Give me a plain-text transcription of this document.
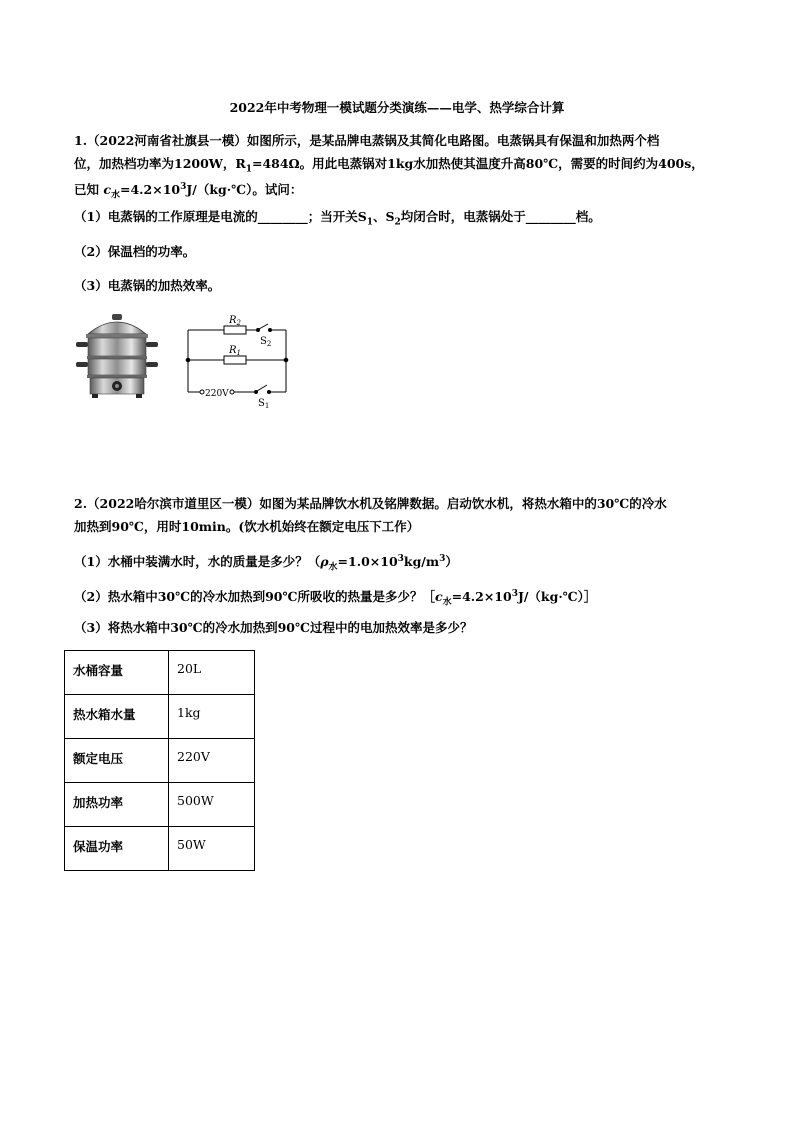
2022年中考物理一模试题分类演练——电学、热学综合计算
1.（2022河南省社旗县一模）如图所示，是某品牌电蒸锅及其简化电路图。电蒸锅具有保温和加热两个档
位，加热档功率为1200W，$R_1=484\Omega$。用此电蒸锅对1kg水加热使其温度升高80℃，需要的时间约为400s，
已知 $c_水=4.2\times 10^3J/(kg\cdot℃)$。试问：
（1）电蒸锅的工作原理是电流的________；当开关$S_1$、$S_2$均闭合时，电蒸锅处于________档。
（2）保温档的功率。
（3）电蒸锅的加热效率。
$R_2$
$S_2$
$R_1$
220V
$S_1$
2.（2022哈尔滨市道里区一模）如图为某品牌饮水机及铭牌数据。启动饮水机，将热水箱中的30℃的冷水
加热到90℃，用时10min。(饮水机始终在额定电压下工作）
（1）水桶中装满水时，水的质量是多少？$(\rho_水=1.0\times 10^3kg/m^3)$
（2）热水箱中30℃的冷水加热到90℃所吸收的热量是多少？$[c_水=4.2\times 10^3J/(kg\cdot℃)]$
（3）将热水箱中30℃的冷水加热到90℃过程中的电加热效率是多少？
水桶容量	20L
热水箱水量	1kg
额定电压	220V
加热功率	500W
保温功率	50W
